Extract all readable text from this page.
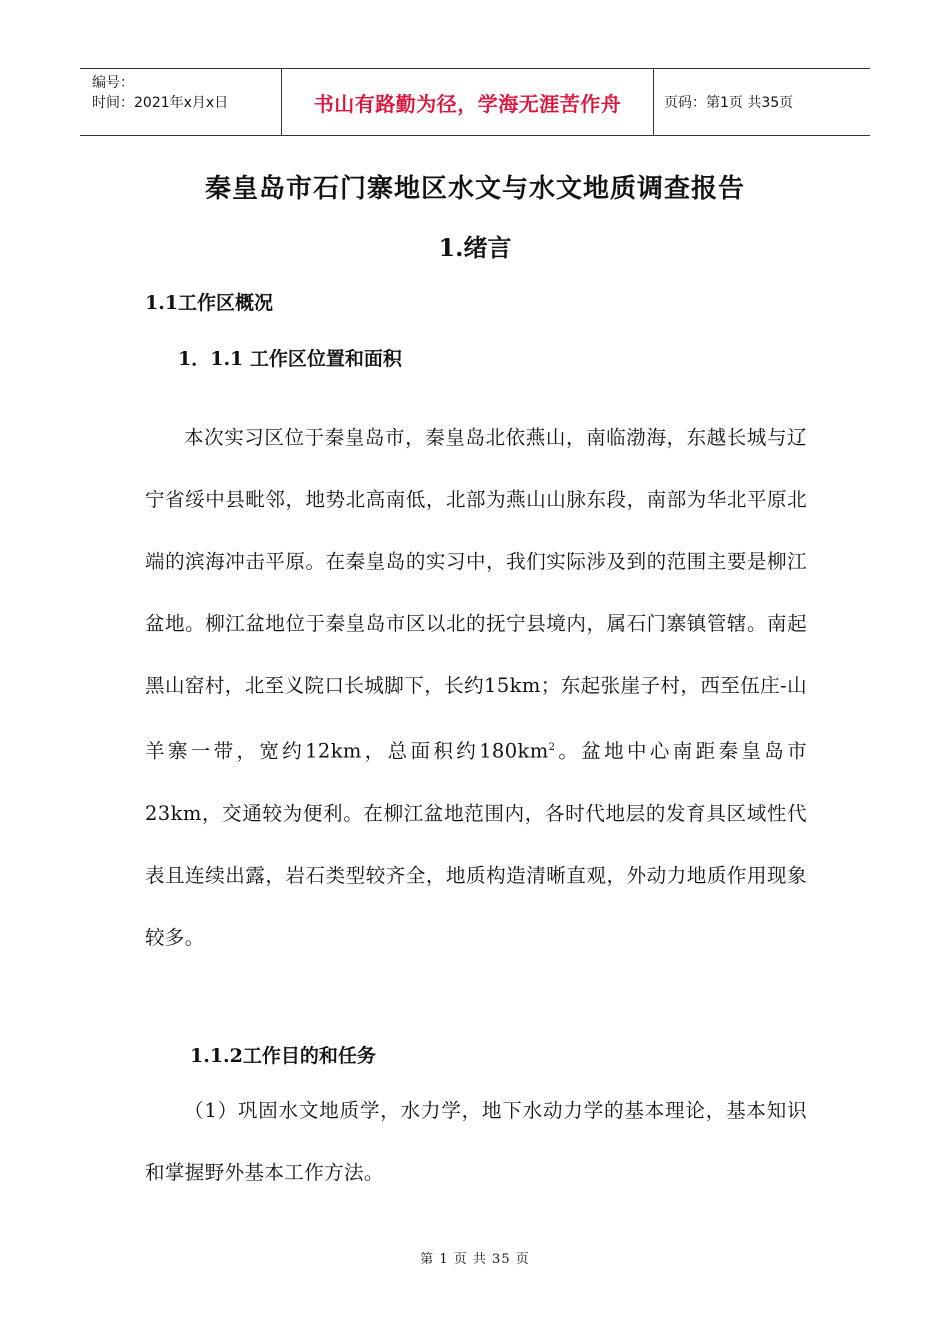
编号：
时间：2021年x月x日	书山有路勤为径，学海无涯苦作舟	页码：第1页 共35页
秦皇岛市石门寨地区水文与水文地质调查报告
1.绪言
1.1工作区概况
1．1.1 工作区位置和面积
本次实习区位于秦皇岛市，秦皇岛北依燕山，南临渤海，东越长城与辽宁省绥中县毗邻，地势北高南低，北部为燕山山脉东段，南部为华北平原北端的滨海冲击平原。在秦皇岛的实习中，我们实际涉及到的范围主要是柳江盆地。柳江盆地位于秦皇岛市区以北的抚宁县境内，属石门寨镇管辖。南起黑山窑村，北至义院口长城脚下，长约15km；东起张崖子村，西至伍庄-山羊寨一带，宽约12km，总面积约$180km^2$。盆地中心南距秦皇岛市23km，交通较为便利。在柳江盆地范围内，各时代地层的发育具区域性代表且连续出露，岩石类型较齐全，地质构造清晰直观，外动力地质作用现象较多。
1.1.2工作目的和任务
（1）巩固水文地质学，水力学，地下水动力学的基本理论，基本知识和掌握野外基本工作方法。
第 1 页 共 35 页
